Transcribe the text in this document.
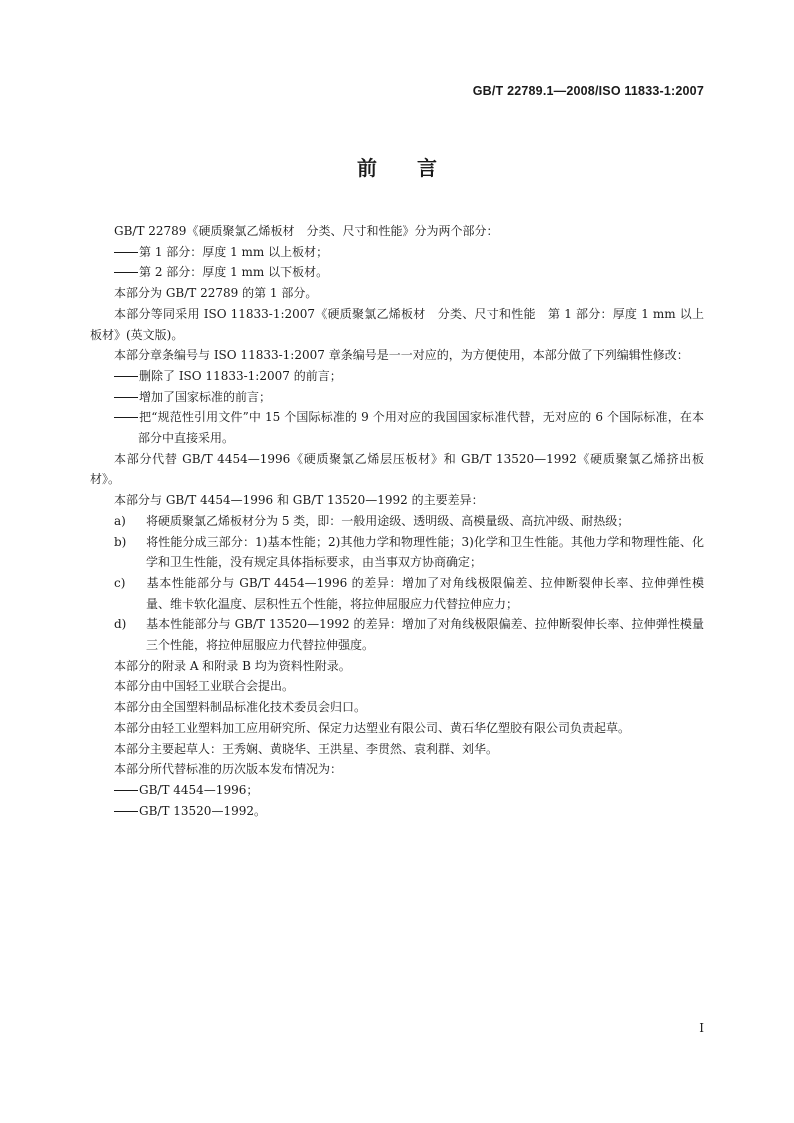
GB/T 22789.1—2008/ISO 11833-1:2007
前言

GB/T 22789《硬质聚氯乙烯板材　分类、尺寸和性能》分为两个部分：

第 1 部分：厚度 1 mm 以上板材；

第 2 部分：厚度 1 mm 以下板材。

本部分为 GB/T 22789 的第 1 部分。

本部分等同采用 ISO 11833-1:2007《硬质聚氯乙烯板材　分类、尺寸和性能　第 1 部分：厚度 1 mm 以上板材》(英文版)。

本部分章条编号与 ISO 11833-1:2007 章条编号是一一对应的，为方便使用，本部分做了下列编辑性修改：

删除了 ISO 11833-1:2007 的前言；

增加了国家标准的前言；

把“规范性引用文件”中 15 个国际标准的 9 个用对应的我国国家标准代替，无对应的 6 个国际标准，在本部分中直接采用。

本部分代替 GB/T 4454—1996《硬质聚氯乙烯层压板材》和 GB/T 13520—1992《硬质聚氯乙烯挤出板材》。

本部分与 GB/T 4454—1996 和 GB/T 13520—1992 的主要差异：

a) 将硬质聚氯乙烯板材分为 5 类，即：一般用途级、透明级、高模量级、高抗冲级、耐热级；

b) 将性能分成三部分：1)基本性能；2)其他力学和物理性能；3)化学和卫生性能。其他力学和物理性能、化学和卫生性能，没有规定具体指标要求，由当事双方协商确定；

c) 基本性能部分与 GB/T 4454—1996 的差异：增加了对角线极限偏差、拉伸断裂伸长率、拉伸弹性模量、维卡软化温度、层积性五个性能，将拉伸屈服应力代替拉伸应力；

d) 基本性能部分与 GB/T 13520—1992 的差异：增加了对角线极限偏差、拉伸断裂伸长率、拉伸弹性模量三个性能，将拉伸屈服应力代替拉伸强度。

本部分的附录 A 和附录 B 均为资料性附录。

本部分由中国轻工业联合会提出。

本部分由全国塑料制品标准化技术委员会归口。

本部分由轻工业塑料加工应用研究所、保定力达塑业有限公司、黄石华亿塑胶有限公司负责起草。

本部分主要起草人：王秀娴、黄晓华、王洪星、李贯然、袁利群、刘华。

本部分所代替标准的历次版本发布情况为：

GB/T 4454—1996；

GB/T 13520—1992。

I
